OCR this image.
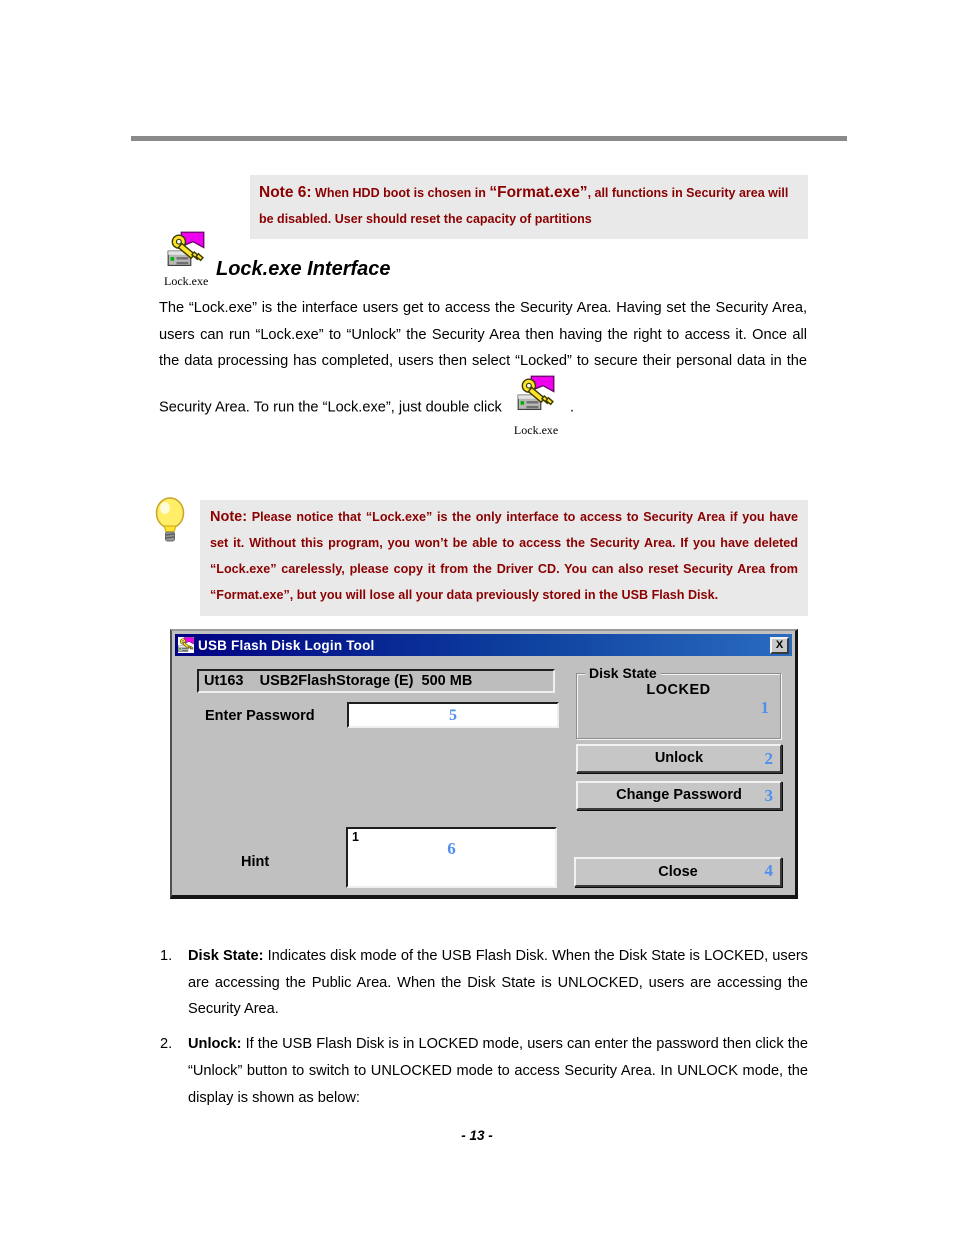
Note 6: When HDD boot is chosen in “Format.exe”, all functions in Security area will be disabled. User should reset the capacity of partitions
Lock.exe
Lock.exe Interface

The “Lock.exe” is the interface users get to access the Security Area. Having set the Security Area, users can run “Lock.exe” to “Unlock” the Security Area then having the right to access it. Once all the data processing has completed, users then select “Locked” to secure their personal data in the Security Area. To run the “Lock.exe”, just double click
Lock.exe
.

Note: Please notice that “Lock.exe” is the only interface to access to Security Area if you have set it. Without this program, you won’t be able to access the Security Area. If you have deleted “Lock.exe” carelessly, please copy it from the Driver CD. You can also reset Security Area from “Format.exe”, but you will lose all your data previously stored in the USB Flash Disk.
USB Flash Disk Login Tool	X
Ut163    USB2FlashStorage (E)  500 MB
Enter Password	5
Disk State
LOCKED
1
Unlock	2
Change Password 3
Hint
1
6
Close	4
1.	Disk State: Indicates disk mode of the USB Flash Disk. When the Disk State is LOCKED, users are accessing the Public Area. When the Disk State is UNLOCKED, users are accessing the Security Area.
2.	Unlock: If the USB Flash Disk is in LOCKED mode, users can enter the password then click the “Unlock” button to switch to UNLOCKED mode to access Security Area. In UNLOCK mode, the display is shown as below:
- 13 -
